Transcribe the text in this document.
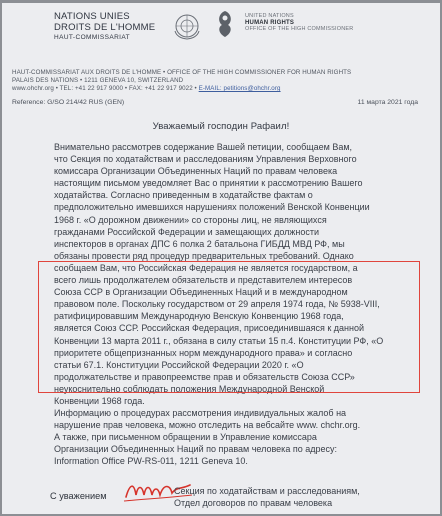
NATIONS UNIES
DROITS DE L'HOMME
HAUT-COMMISSARIAT
UNITED NATIONS
HUMAN RIGHTS
OFFICE OF THE HIGH COMMISSIONER
HAUT-COMMISSARIAT AUX DROITS DE L'HOMME • OFFICE OF THE HIGH COMMISSIONER FOR HUMAN RIGHTS
PALAIS DES NATIONS • 1211 GENEVA 10, SWITZERLAND
www.ohchr.org • TEL: +41 22 917 9000 • FAX: +41 22 917 9022 • E-MAIL: petitions@ohchr.org
Reference: G/SO 214/42 RUS (GEN)	11 марта 2021 года
Уважаемый господин Рафаил!
Внимательно рассмотрев содержание Вашей петиции, сообщаем Вам,
что Секция по ходатайствам и расследованиям Управления Верховного
комиссара Организации Объединенных Наций по правам человека
настоящим письмом уведомляет Вас о принятии к рассмотрению Вашего
ходатайства. Согласно приведенным в ходатайстве фактам о
предположительно имевшихся нарушениях положений Венской Конвенции
1968 г. «О дорожном движении» со стороны лиц, не являющихся
гражданами Российской Федерации и замещающих должности
инспекторов в органах ДПС 6 полка 2 батальона ГИБДД МВД РФ, мы
обязаны провести ряд процедур предварительных требований. Однако
сообщаем Вам, что Российская Федерация не является государством, а
всего лишь продолжателем обязательств и представителем интересов
Союза ССР в Организации Объединенных Наций и в международном
правовом поле. Поскольку государством от 29 апреля 1974 года, № 5938-VIII,
ратифицировавшим Международную Венскую Конвенцию 1968 года,
является Союз ССР. Российская Федерация, присоединившаяся к данной
Конвенции 13 марта 2011 г., обязана в силу статьи 15 п.4. Конституции РФ, «О
приоритете общепризнанных норм международного права» и согласно
статьи 67.1. Конституции Российской Федерации 2020 г. «О
продолжательстве и правопреемстве прав и обязательств Союза ССР»
неукоснительно соблюдать положения Международной Венской
Конвенции 1968 года.
Информацию о процедурах рассмотрения индивидуальных жалоб на
нарушение прав человека, можно отследить на вебсайте www. chchr.org.
А также, при письменном обращении в Управление комиссара
Организации Объединенных Наций по правам человека по адресу:
Information Office PW-RS-011, 1211 Geneva 10.
С уважением	Секция по ходатайствам и расследованиям,
Отдел договоров по правам человека
